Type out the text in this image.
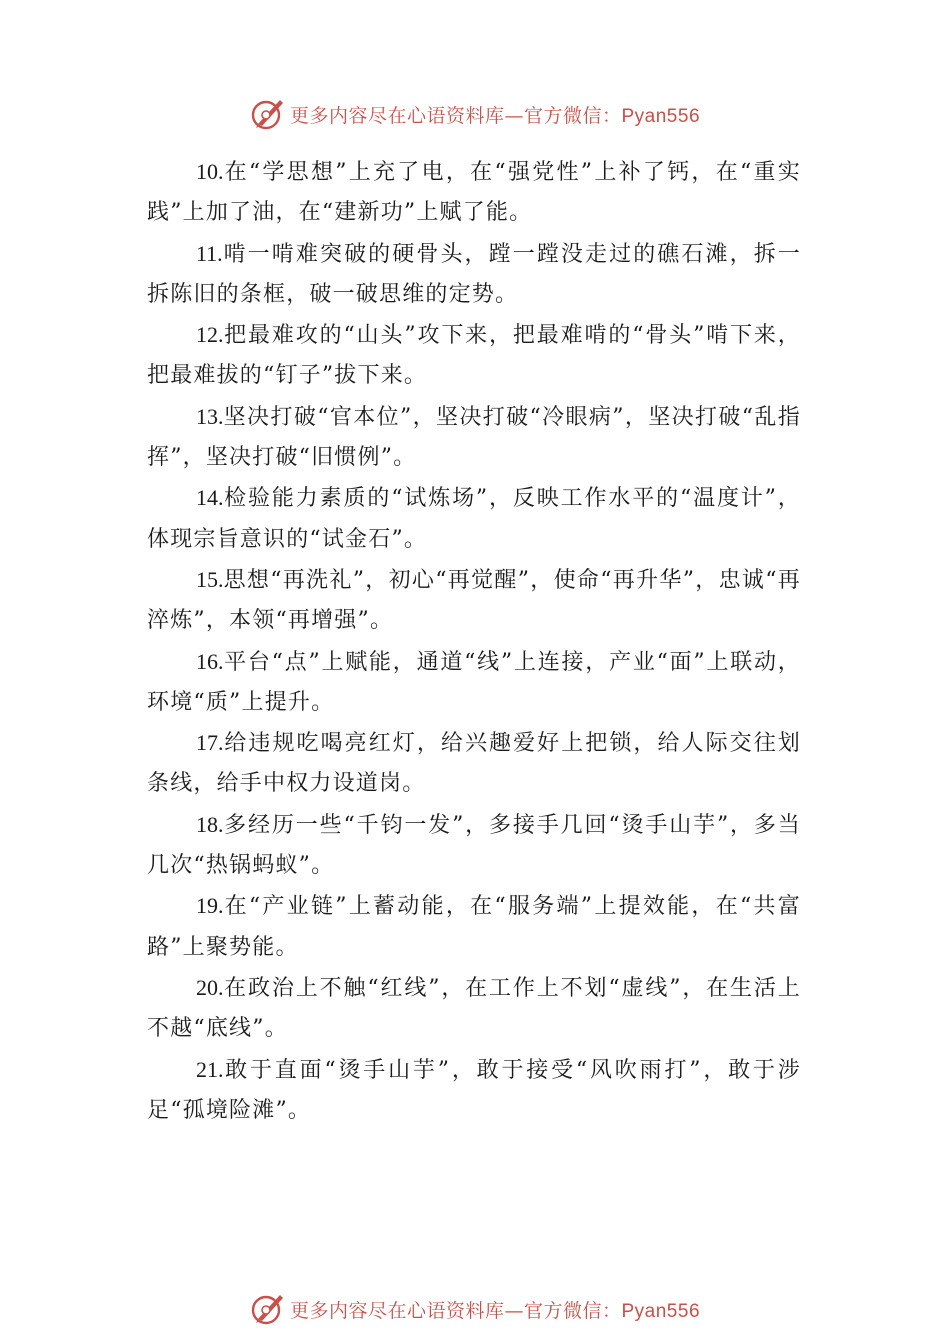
更多内容尽在心语资料库—官方微信：Pyan556

10.在“学思想”上充了电，在“强党性”上补了钙，在“重实践”上加了油，在“建新功”上赋了能。

11.啃一啃难突破的硬骨头，蹚一蹚没走过的礁石滩，拆一拆陈旧的条框，破一破思维的定势。

12.把最难攻的“山头”攻下来，把最难啃的“骨头”啃下来，把最难拔的“钉子”拔下来。

13.坚决打破“官本位”，坚决打破“冷眼病”，坚决打破“乱指挥”，坚决打破“旧惯例”。

14.检验能力素质的“试炼场”，反映工作水平的“温度计”，体现宗旨意识的“试金石”。

15.思想“再洗礼”，初心“再觉醒”，使命“再升华”，忠诚“再淬炼”，本领“再增强”。

16.平台“点”上赋能，通道“线”上连接，产业“面”上联动，环境“质”上提升。

17.给违规吃喝亮红灯，给兴趣爱好上把锁，给人际交往划条线，给手中权力设道岗。

18.多经历一些“千钧一发”，多接手几回“烫手山芋”，多当几次“热锅蚂蚁”。

19.在“产业链”上蓄动能，在“服务端”上提效能，在“共富路”上聚势能。

20.在政治上不触“红线”，在工作上不划“虚线”，在生活上不越“底线”。

21.敢于直面“烫手山芋”，敢于接受“风吹雨打”，敢于涉足“孤境险滩”。

更多内容尽在心语资料库—官方微信：Pyan556
